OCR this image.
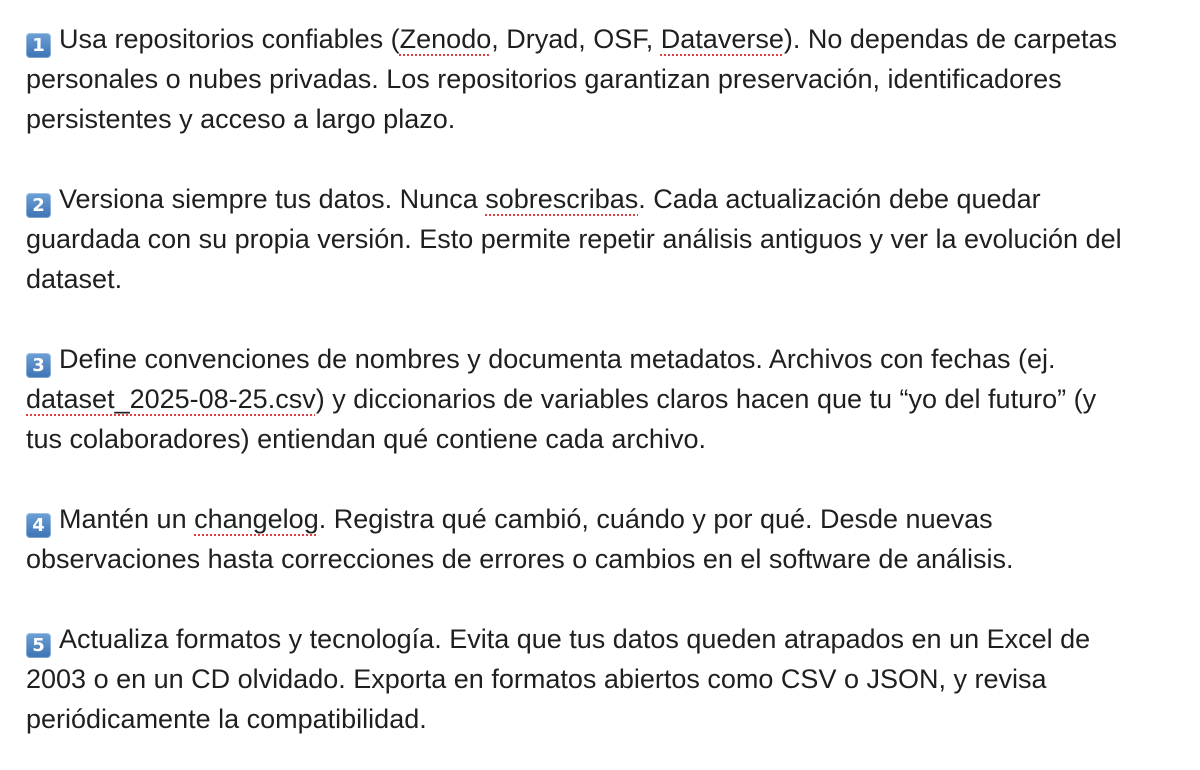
1 Usa repositorios confiables (Zenodo, Dryad, OSF, Dataverse). No dependas de carpetas
personales o nubes privadas. Los repositorios garantizan preservación, identificadores
persistentes y acceso a largo plazo.

2 Versiona siempre tus datos. Nunca sobrescribas. Cada actualización debe quedar
guardada con su propia versión. Esto permite repetir análisis antiguos y ver la evolución del
dataset.

3 Define convenciones de nombres y documenta metadatos. Archivos con fechas (ej.
dataset_2025-08-25.csv) y diccionarios de variables claros hacen que tu “yo del futuro” (y
tus colaboradores) entiendan qué contiene cada archivo.

4 Mantén un changelog. Registra qué cambió, cuándo y por qué. Desde nuevas
observaciones hasta correcciones de errores o cambios en el software de análisis.

5 Actualiza formatos y tecnología. Evita que tus datos queden atrapados en un Excel de
2003 o en un CD olvidado. Exporta en formatos abiertos como CSV o JSON, y revisa
periódicamente la compatibilidad.
